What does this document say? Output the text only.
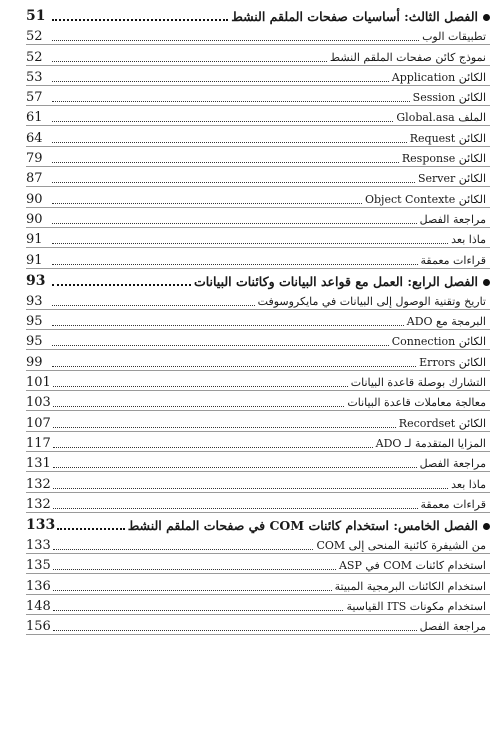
51	الفصل الثالث: أساسيات صفحات الملقم النشط
52	تطبيقات الوب
52	نموذج كائن صفحات الملقم النشط
53	الكائن Application
57	الكائن Session
61	الملف Global.asa
64	الكائن Request
79	الكائن Response
87	الكائن Server
90	الكائن Object Contexte
90	مراجعة الفصل
91	ماذا بعد
91	قراءات معمقة
93	الفصل الرابع: العمل مع قواعد البيانات وكائنات البيانات
93	تاريخ وتقنية الوصول إلى البيانات في مايكروسوفت
95	البرمجة مع ADO
95	الكائن Connection
99	الكائن Errors
101	التشارك بوصلة قاعدة البيانات
103	معالجة معاملات قاعدة البيانات
107	الكائن Recordset
117	المزايا المتقدمة لـ ADO
131	مراجعة الفصل
132	ماذا بعد
132	قراءات معمقة
133	الفصل الخامس: استخدام كائنات COM في صفحات الملقم النشط
133	من الشيفرة كائنية المنحى إلى COM
135	استخدام كائنات COM في ASP
136	استخدام الكائنات البرمجية المبيتة
148	استخدام مكونات ITS القياسية
156	مراجعة الفصل
